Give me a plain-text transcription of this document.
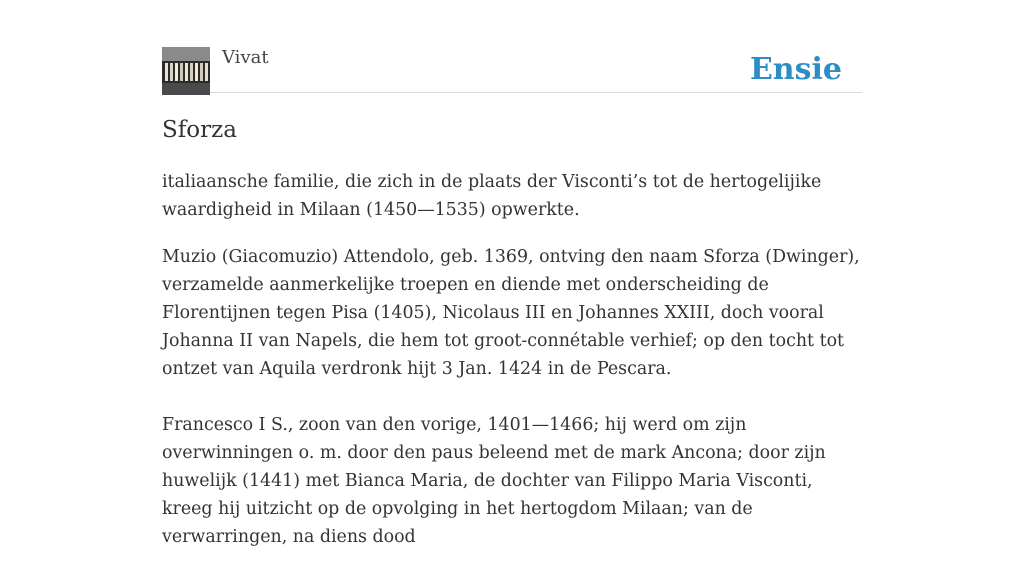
Vivat	Ensie
Sforza

italiaansche familie, die zich in de plaats der Visconti’s tot de hertogelijike waardigheid in Milaan (1450—1535) opwerkte.

Muzio (Giacomuzio) Attendolo, geb. 1369, ontving den naam Sforza (Dwinger), verzamelde aanmerkelijke troepen en diende met onderscheiding de Florentijnen tegen Pisa (1405), Nicolaus III en Johannes XXIII, doch vooral Johanna II van Napels, die hem tot groot-connétable verhief; op den tocht tot ontzet van Aquila verdronk hijt 3 Jan. 1424 in de Pescara.

Francesco I S., zoon van den vorige, 1401—1466; hij werd om zijn overwinningen o. m. door den paus beleend met de mark Ancona; door zijn huwelijk (1441) met Bianca Maria, de dochter van Filippo Maria Visconti, kreeg hij uitzicht op de opvolging in het hertogdom Milaan; van de verwarringen, na diens dood
